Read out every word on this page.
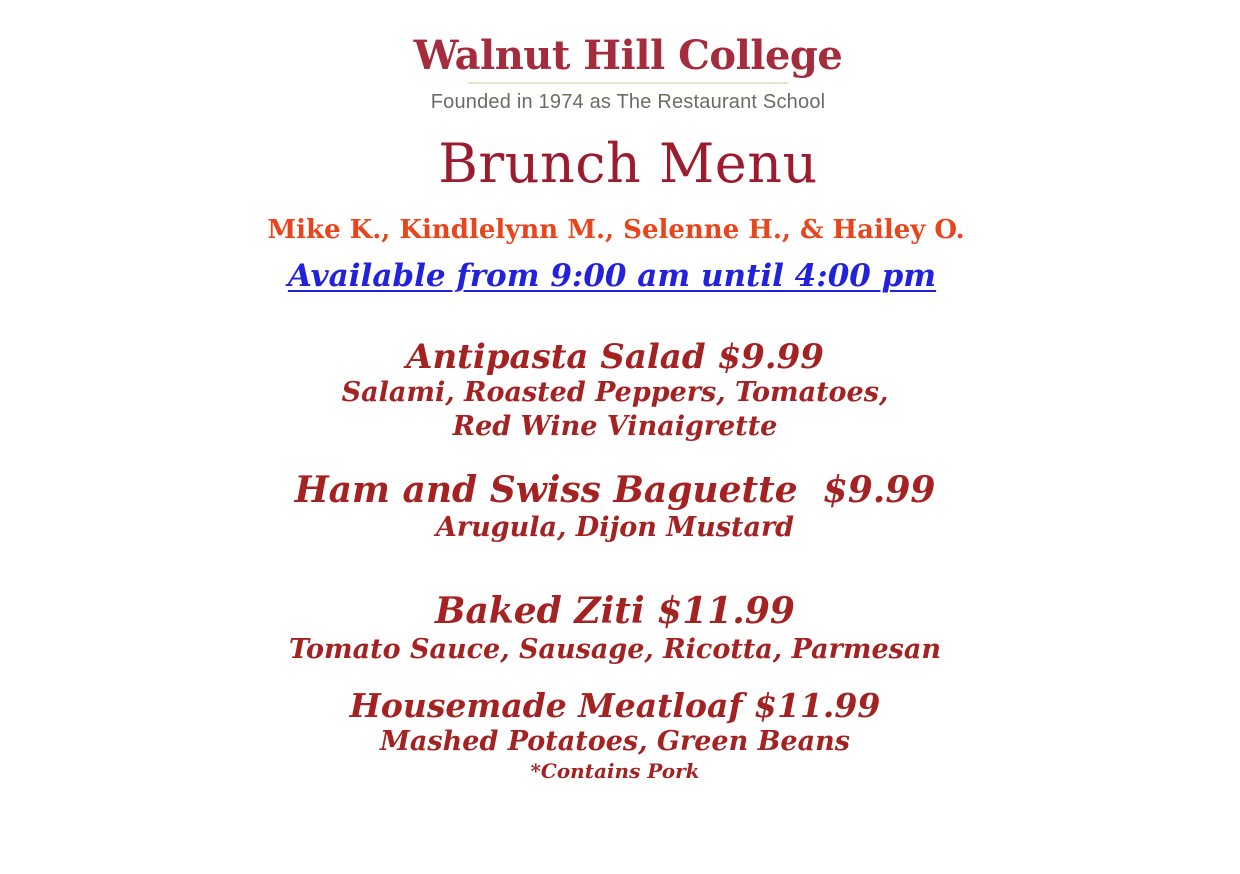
Walnut Hill College
Founded in 1974 as The Restaurant School
Brunch Menu
Mike K., Kindlelynn M., Selenne H., & Hailey O.
Available from 9:00 am until 4:00 pm
Antipasta Salad $9.99
Salami, Roasted Peppers, Tomatoes,
Red Wine Vinaigrette
Ham and Swiss Baguette  $9.99
Arugula, Dijon Mustard
Baked Ziti $11.99
Tomato Sauce, Sausage, Ricotta, Parmesan
Housemade Meatloaf $11.99
Mashed Potatoes, Green Beans
*Contains Pork
